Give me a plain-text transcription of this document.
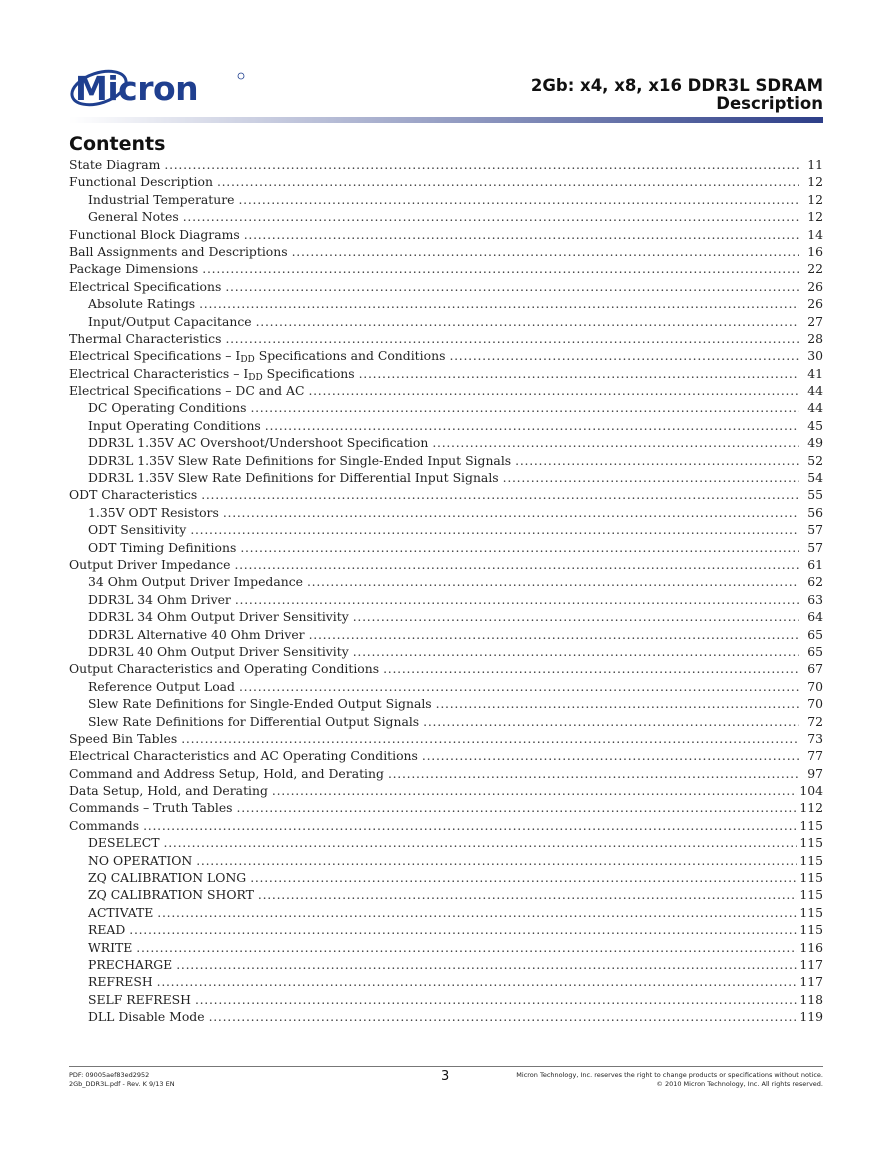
Micron	2Gb: x4, x8, x16 DDR3L SDRAM
Description
Contents
State Diagram . . .	11
Functional Description . . .	12
Industrial Temperature . . .	12
General Notes . . .	12
Functional Block Diagrams . . .	14
Ball Assignments and Descriptions . . .	16
Package Dimensions . . .	22
Electrical Specifications . . .	26
Absolute Ratings . . .	26
Input/Output Capacitance . . .	27
Thermal Characteristics . . .	28
Electrical Specifications – $I_{DD}$ Specifications and Conditions . . .	30
Electrical Characteristics – $I_{DD}$ Specifications . . .	41
Electrical Specifications – DC and AC . . .	44
DC Operating Conditions . . .	44
Input Operating Conditions . . .	45
DDR3L 1.35V AC Overshoot/Undershoot Specification . . .	49
DDR3L 1.35V Slew Rate Definitions for Single-Ended Input Signals . . .	52
DDR3L 1.35V Slew Rate Definitions for Differential Input Signals . . .	54
ODT Characteristics . . .	55
1.35V ODT Resistors . . .	56
ODT Sensitivity . . .	57
ODT Timing Definitions . . .	57
Output Driver Impedance . . .	61
34 Ohm Output Driver Impedance . . .	62
DDR3L 34 Ohm Driver . . .	63
DDR3L 34 Ohm Output Driver Sensitivity . . .	64
DDR3L Alternative 40 Ohm Driver . . .	65
DDR3L 40 Ohm Output Driver Sensitivity . . .	65
Output Characteristics and Operating Conditions . . .	67
Reference Output Load . . .	70
Slew Rate Definitions for Single-Ended Output Signals . . .	70
Slew Rate Definitions for Differential Output Signals . . .	72
Speed Bin Tables . . .	73
Electrical Characteristics and AC Operating Conditions . . .	77
Command and Address Setup, Hold, and Derating . . .	97
Data Setup, Hold, and Derating . . .	104
Commands – Truth Tables . . .	112
Commands . . .	115
DESELECT . . .	115
NO OPERATION . . .	115
ZQ CALIBRATION LONG . . .	115
ZQ CALIBRATION SHORT . . .	115
ACTIVATE . . .	115
READ . . .	115
WRITE . . .	116
PRECHARGE . . .	117
REFRESH . . .	117
SELF REFRESH . . .	118
DLL Disable Mode . . .	119
PDF: 09005aef83ed2952
2Gb_DDR3L.pdf - Rev. K 9/13 EN	3	Micron Technology, Inc. reserves the right to change products or specifications without notice.
© 2010 Micron Technology, Inc. All rights reserved.
